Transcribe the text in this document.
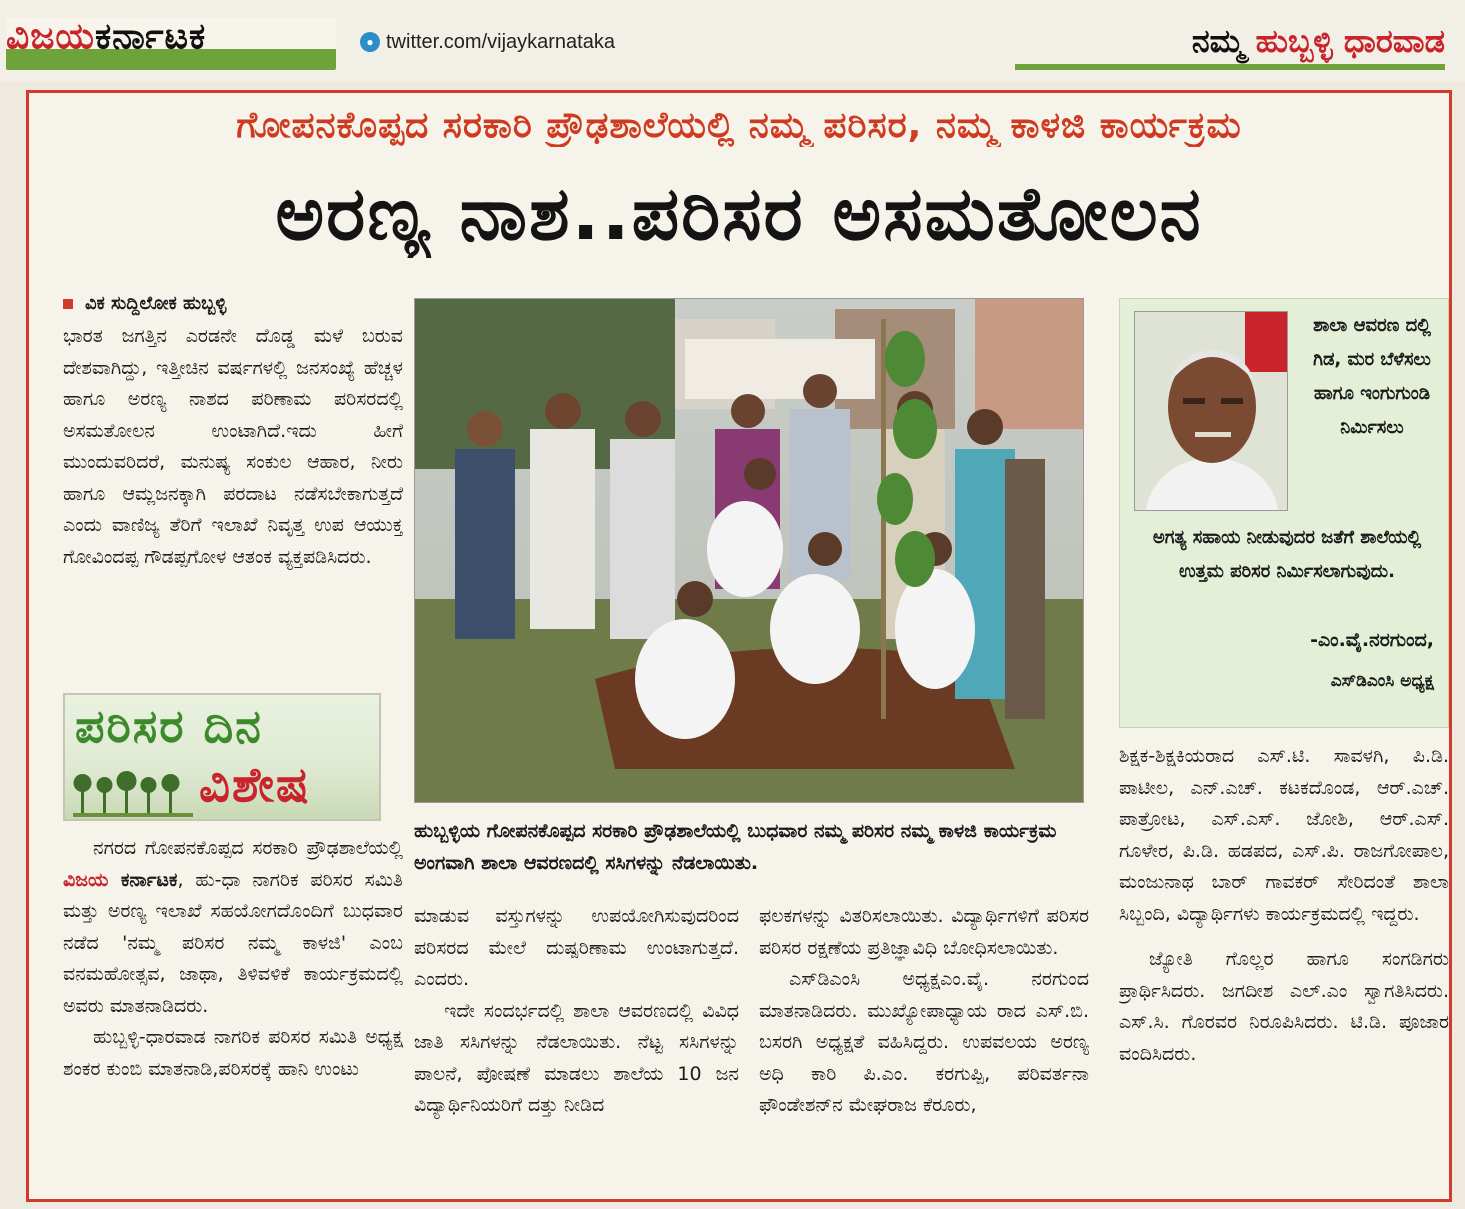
ವಿಜಯಕರ್ನಾಟಕ	● twitter.com/vijaykarnataka	ನಮ್ಮ ಹುಬ್ಬಳ್ಳಿ ಧಾರವಾಡ
ಗೋಪನಕೊಪ್ಪದ ಸರಕಾರಿ ಪ್ರೌಢಶಾಲೆಯಲ್ಲಿ ನಮ್ಮ ಪರಿಸರ, ನಮ್ಮ ಕಾಳಜಿ ಕಾರ್ಯಕ್ರಮ
ಅರಣ್ಯ ನಾಶ..ಪರಿಸರ ಅಸಮತೋಲನ
ವಿಕ ಸುದ್ದಿಲೋಕ ಹುಬ್ಬಳ್ಳಿ

ಭಾರತ ಜಗತ್ತಿನ ಎರಡನೇ ದೊಡ್ಡ ಮಳೆ ಬರುವ ದೇಶವಾಗಿದ್ದು, ಇತ್ತೀಚಿನ ವರ್ಷಗಳಲ್ಲಿ ಜನಸಂಖ್ಯೆ ಹೆಚ್ಚಳ ಹಾಗೂ ಅರಣ್ಯ ನಾಶದ ಪರಿಣಾಮ ಪರಿಸರದಲ್ಲಿ ಅಸಮತೋಲನ ಉಂಟಾಗಿದೆ.ಇದು ಹೀಗೆ ಮುಂದುವರಿದರೆ, ಮನುಷ್ಯ ಸಂಕುಲ ಆಹಾರ, ನೀರು ಹಾಗೂ ಆಮ್ಲಜನಕ್ಕಾಗಿ ಪರದಾಟ ನಡೆಸಬೇಕಾಗುತ್ತದೆ ಎಂದು ವಾಣಿಜ್ಯ ತೆರಿಗೆ ಇಲಾಖೆ ನಿವೃತ್ತ ಉಪ ಆಯುಕ್ತ ಗೋವಿಂದಪ್ಪ ಗೌಡಪ್ಪಗೋಳ ಆತಂಕ ವ್ಯಕ್ತಪಡಿಸಿದರು.

ಪರಿಸರ ದಿನ
ವಿಶೇಷ

ನಗರದ ಗೋಪನಕೊಪ್ಪದ ಸರಕಾರಿ ಪ್ರೌಢಶಾಲೆಯಲ್ಲಿ ವಿಜಯ ಕರ್ನಾಟಕ, ಹು-ಧಾ ನಾಗರಿಕ ಪರಿಸರ ಸಮಿತಿ ಮತ್ತು ಅರಣ್ಯ ಇಲಾಖೆ ಸಹಯೋಗದೊಂದಿಗೆ ಬುಧವಾರ ನಡೆದ 'ನಮ್ಮ ಪರಿಸರ ನಮ್ಮ ಕಾಳಜಿ' ಎಂಬ ವನಮಹೋತ್ಸವ, ಜಾಥಾ, ತಿಳಿವಳಿಕೆ ಕಾರ್ಯಕ್ರಮದಲ್ಲಿ ಅವರು ಮಾತನಾಡಿದರು.

ಹುಬ್ಬಳ್ಳಿ-ಧಾರವಾಡ ನಾಗರಿಕ ಪರಿಸರ ಸಮಿತಿ ಅಧ್ಯಕ್ಷ ಶಂಕರ ಕುಂಬಿ ಮಾತನಾಡಿ,ಪರಿಸರಕ್ಕೆ ಹಾನಿ ಉಂಟು

ಹುಬ್ಬಳ್ಳಿಯ ಗೋಪನಕೊಪ್ಪದ ಸರಕಾರಿ ಪ್ರೌಢಶಾಲೆಯಲ್ಲಿ ಬುಧವಾರ ನಮ್ಮ ಪರಿಸರ ನಮ್ಮ ಕಾಳಜಿ ಕಾರ್ಯಕ್ರಮ ಅಂಗವಾಗಿ ಶಾಲಾ ಆವರಣದಲ್ಲಿ ಸಸಿಗಳನ್ನು ನೆಡಲಾಯಿತು.

ಮಾಡುವ ವಸ್ತುಗಳನ್ನು ಉಪಯೋಗಿಸುವುದರಿಂದ ಪರಿಸರದ ಮೇಲೆ ದುಷ್ಪರಿಣಾಮ ಉಂಟಾಗುತ್ತದೆ. ಎಂದರು.

ಇದೇ ಸಂದರ್ಭದಲ್ಲಿ ಶಾಲಾ ಆವರಣದಲ್ಲಿ ವಿವಿಧ ಜಾತಿ ಸಸಿಗಳನ್ನು ನೆಡಲಾಯಿತು. ನೆಟ್ಟ ಸಸಿಗಳನ್ನು ಪಾಲನೆ, ಪೋಷಣೆ ಮಾಡಲು ಶಾಲೆಯ 10 ಜನ ವಿದ್ಯಾರ್ಥಿನಿಯರಿಗೆ ದತ್ತು ನೀಡಿದ

ಫಲಕಗಳನ್ನು ವಿತರಿಸಲಾಯಿತು. ವಿದ್ಯಾರ್ಥಿಗಳಿಗೆ ಪರಿಸರ ಪರಿಸರ ರಕ್ಷಣೆಯ ಪ್ರತಿಜ್ಞಾವಿಧಿ ಬೋಧಿಸಲಾಯಿತು.

ಎಸ್‌ಡಿಎಂಸಿ ಅಧ್ಯಕ್ಷಎಂ.ವೈ. ನರಗುಂದ ಮಾತನಾಡಿದರು. ಮುಖ್ಯೋಪಾಧ್ಯಾಯ ರಾದ ಎಸ್.ಬಿ. ಬಸರಗಿ ಅಧ್ಯಕ್ಷತೆ ವಹಿಸಿದ್ದರು. ಉಪವಲಯ ಅರಣ್ಯ ಅಧಿ ಕಾರಿ ಪಿ.ಎಂ. ಕರಗುಪ್ಪಿ, ಪರಿವರ್ತನಾ ಫೌಂಡೇಶನ್‌ನ ಮೇಘರಾಜ ಕೆರೂರು,

ಶಾಲಾ ಆವರಣ ದಲ್ಲಿ ಗಿಡ, ಮರ ಬೆಳೆಸಲು ಹಾಗೂ ಇಂಗುಗುಂಡಿ ನಿರ್ಮಿಸಲು
ಅಗತ್ಯ ಸಹಾಯ ನೀಡುವುದರ ಜತೆಗೆ ಶಾಲೆಯಲ್ಲಿ ಉತ್ತಮ ಪರಿಸರ ನಿರ್ಮಿಸಲಾಗುವುದು.
-ಎಂ.ವೈ.ನರಗುಂದ,
ಎಸ್‌ಡಿಎಂಸಿ ಅಧ್ಯಕ್ಷ

ಶಿಕ್ಷಕ-ಶಿಕ್ಷಕಿಯರಾದ ಎಸ್.ಟಿ. ಸಾವಳಗಿ, ಪಿ.ಡಿ. ಪಾಟೀಲ, ಎನ್.ಎಚ್. ಕಟಕದೊಂಡ, ಆರ್.ಎಚ್. ಪಾತ್ರೋಟ, ಎಸ್.ಎಸ್. ಜೋಶಿ, ಆರ್.ಎಸ್. ಗೂಳೇರ, ಪಿ.ಡಿ. ಹಡಪದ, ಎಸ್.ಪಿ. ರಾಜಗೋಪಾಲ, ಮಂಜುನಾಥ ಬಾರ್ ಗಾವಕರ್ ಸೇರಿದಂತೆ ಶಾಲಾ ಸಿಬ್ಬಂದಿ, ವಿದ್ಯಾರ್ಥಿಗಳು ಕಾರ್ಯಕ್ರಮದಲ್ಲಿ ಇದ್ದರು.

ಜ್ಯೋತಿ ಗೊಲ್ಲರ ಹಾಗೂ ಸಂಗಡಿಗರು ಪ್ರಾರ್ಥಿಸಿದರು. ಜಗದೀಶ ಎಲ್.ಎಂ ಸ್ವಾಗತಿಸಿದರು. ಎಸ್.ಸಿ. ಗೊರವರ ನಿರೂಪಿಸಿದರು. ಟಿ.ಡಿ. ಪೂಜಾರ ವಂದಿಸಿದರು.
